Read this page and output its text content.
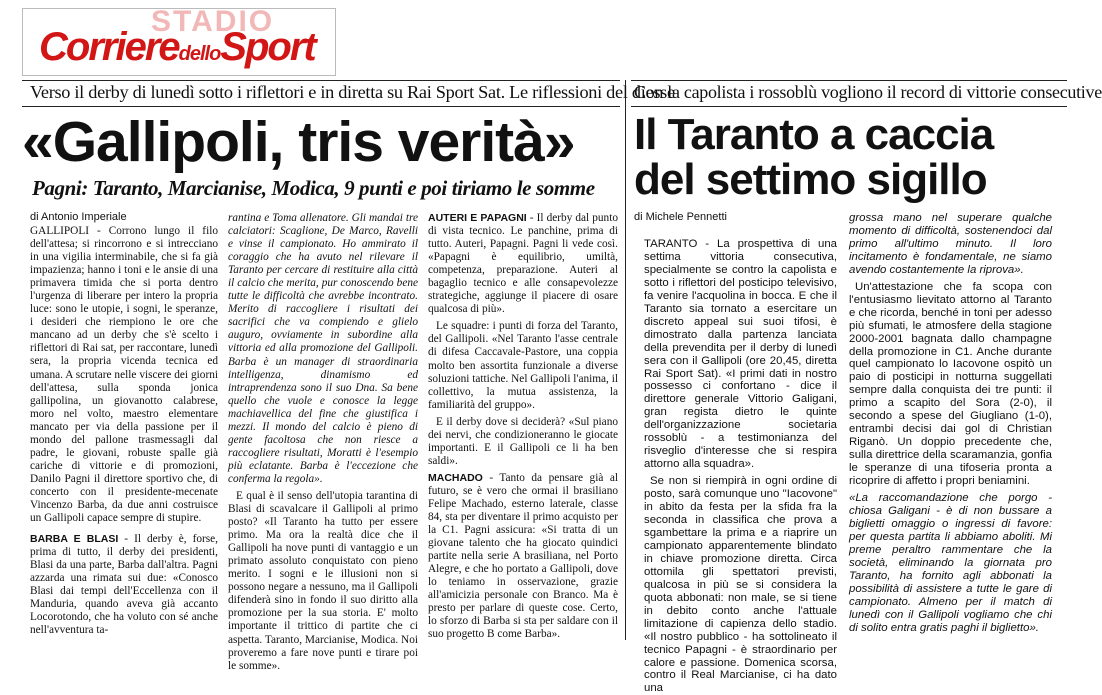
STADIO
CorrieredelloSport
Verso il derby di lunedì sotto i riflettori e in diretta su Rai Sport Sat. Le riflessioni del diesse
«Gallipoli, tris verità»
Pagni: Taranto, Marcianise, Modica, 9 punti e poi tiriamo le somme
di Antonio Imperiale

GALLIPOLI - Corrono lungo il filo dell'attesa; si rincorrono e si intrecciano in una vigilia interminabile, che si fa già impazienza; hanno i toni e le ansie di una primavera timida che si porta dentro l'urgenza di liberare per intero la propria luce: sono le utopie, i sogni, le speranze, i desideri che riempiono le ore che mancano ad un derby che s'è scelto i riflettori di Rai sat, per raccontare, lunedì sera, la propria vicenda tecnica ed umana. A scrutare nelle viscere dei giorni dell'attesa, sulla sponda jonica gallipolina, un giovanotto calabrese, moro nel volto, maestro elementare mancato per via della passione per il mondo del pallone trasmessagli dal padre, le giovani, robuste spalle già cariche di vittorie e di promozioni, Danilo Pagni il direttore sportivo che, di concerto con il presidente-mecenate Vincenzo Barba, da due anni costruisce un Gallipoli capace sempre di stupire.

BARBA E BLASI - Il derby è, forse, prima di tutto, il derby dei presidenti, Blasi da una parte, Barba dall'altra. Pagni azzarda una rimata sui due: «Conosco Blasi dai tempi dell'Eccellenza con il Manduria, quando aveva già accanto Locorotondo, che ha voluto con sé anche nell'avventura ta-

rantina e Toma allenatore. Gli mandai tre calciatori: Scaglione, De Marco, Ravelli e vinse il campionato. Ho ammirato il coraggio che ha avuto nel rilevare il Taranto per cercare di restituire alla città il calcio che merita, pur conoscendo bene tutte le difficoltà che avrebbe incontrato. Merito di raccogliere i risultati dei sacrifici che va compiendo e glielo auguro, ovviamente in subordine alla vittoria ed alla promozione del Gallipoli. Barba è un manager di straordinaria intelligenza, dinamismo ed intraprendenza sono il suo Dna. Sa bene quello che vuole e conosce la legge machiavellica del fine che giustifica i mezzi. Il mondo del calcio è pieno di gente facoltosa che non riesce a raccogliere risultati, Moratti è l'esempio più eclatante. Barba è l'eccezione che conferma la regola».

E qual è il senso dell'utopia tarantina di Blasi di scavalcare il Gallipoli al primo posto? «Il Taranto ha tutto per essere primo. Ma ora la realtà dice che il Gallipoli ha nove punti di vantaggio e un primato assoluto conquistato con pieno merito. I sogni e le illusioni non si possono negare a nessuno, ma il Gallipoli difenderà sino in fondo il suo diritto alla promozione per la sua storia. E' molto importante il trittico di partite che ci aspetta. Taranto, Marcianise, Modica. Noi proveremo a fare nove punti e tirare poi le somme».

AUTERI E PAPAGNI - Il derby dal punto di vista tecnico. Le panchine, prima di tutto. Auteri, Papagni. Pagni li vede così. «Papagni è equilibrio, umiltà, competenza, preparazione. Auteri al bagaglio tecnico e alle consapevolezze strategiche, aggiunge il piacere di osare qualcosa di più».

Le squadre: i punti di forza del Taranto, del Gallipoli. «Nel Taranto l'asse centrale di difesa Caccavale-Pastore, una coppia molto ben assortita funzionale a diverse soluzioni tattiche. Nel Gallipoli l'anima, il collettivo, la mutua assistenza, la familiarità del gruppo».

E il derby dove si deciderà? «Sul piano dei nervi, che condizioneranno le giocate importanti. E il Gallipoli ce li ha ben saldi».

MACHADO - Tanto da pensare già al futuro, se è vero che ormai il brasiliano Felipe Machado, esterno laterale, classe 84, sta per diventare il primo acquisto per la C1. Pagni assicura: «Si tratta di un giovane talento che ha giocato quindici partite nella serie A brasiliana, nel Porto Alegre, e che ho portato a Gallipoli, dove lo teniamo in osservazione, grazie all'amicizia personale con Branco. Ma è presto per parlare di queste cose. Certo, lo sforzo di Barba si sta per saldare con il suo progetto B come Barba».

Con la capolista i rossoblù vogliono il record di vittorie consecutive
Il Taranto a caccia
del settimo sigillo
di Michele Pennetti

TARANTO - La prospettiva di una settima vittoria consecutiva, specialmente se contro la capolista e sotto i riflettori del posticipo televisivo, fa venire l'acquolina in bocca. E che il Taranto sia tornato a esercitare un discreto appeal sui suoi tifosi, è dimostrato dalla partenza lanciata della prevendita per il derby di lunedì sera con il Gallipoli (ore 20,45, diretta Rai Sport Sat). «I primi dati in nostro possesso ci confortano - dice il direttore generale Vittorio Galigani, gran regista dietro le quinte dell'organizzazione societaria rossoblù - a testimonianza del risveglio d'interesse che si respira attorno alla squadra».

Se non si riempirà in ogni ordine di posto, sarà comunque uno "Iacovone" in abito da festa per la sfida fra la seconda in classifica che prova a sgambettare la prima e a riaprire un campionato apparentemente blindato in chiave promozione diretta. Circa ottomila gli spettatori previsti, qualcosa in più se si considera la quota abbonati: non male, se si tiene in debito conto anche l'attuale limitazione di capienza dello stadio. «Il nostro pubblico - ha sottolineato il tecnico Papagni - è straordinario per calore e passione. Domenica scorsa, contro il Real Marcianise, ci ha dato una

grossa mano nel superare qualche momento di difficoltà, sostenendoci dal primo all'ultimo minuto. Il loro incitamento è fondamentale, ne siamo avendo costantemente la riprova».

Un'attestazione che fa scopa con l'entusiasmo lievitato attorno al Taranto e che ricorda, benché in toni per adesso più sfumati, le atmosfere della stagione 2000-2001 bagnata dallo champagne della promozione in C1. Anche durante quel campionato lo Iacovone ospitò un paio di posticipi in notturna suggellati sempre dalla conquista dei tre punti: il primo a scapito del Sora (2-0), il secondo a spese del Giugliano (1-0), entrambi decisi dai gol di Christian Riganò. Un doppio precedente che, sulla direttrice della scaramanzia, gonfia le speranze di una tifoseria pronta a ricoprire di affetto i propri beniamini.

«La raccomandazione che porgo - chiosa Galigani - è di non bussare a biglietti omaggio o ingressi di favore: per questa partita li abbiamo aboliti. Mi preme peraltro rammentare che la società, eliminando la giornata pro Taranto, ha fornito agli abbonati la possibilità di assistere a tutte le gare di campionato. Almeno per il match di lunedì con il Gallipoli vogliamo che chi di solito entra gratis paghi il biglietto».
